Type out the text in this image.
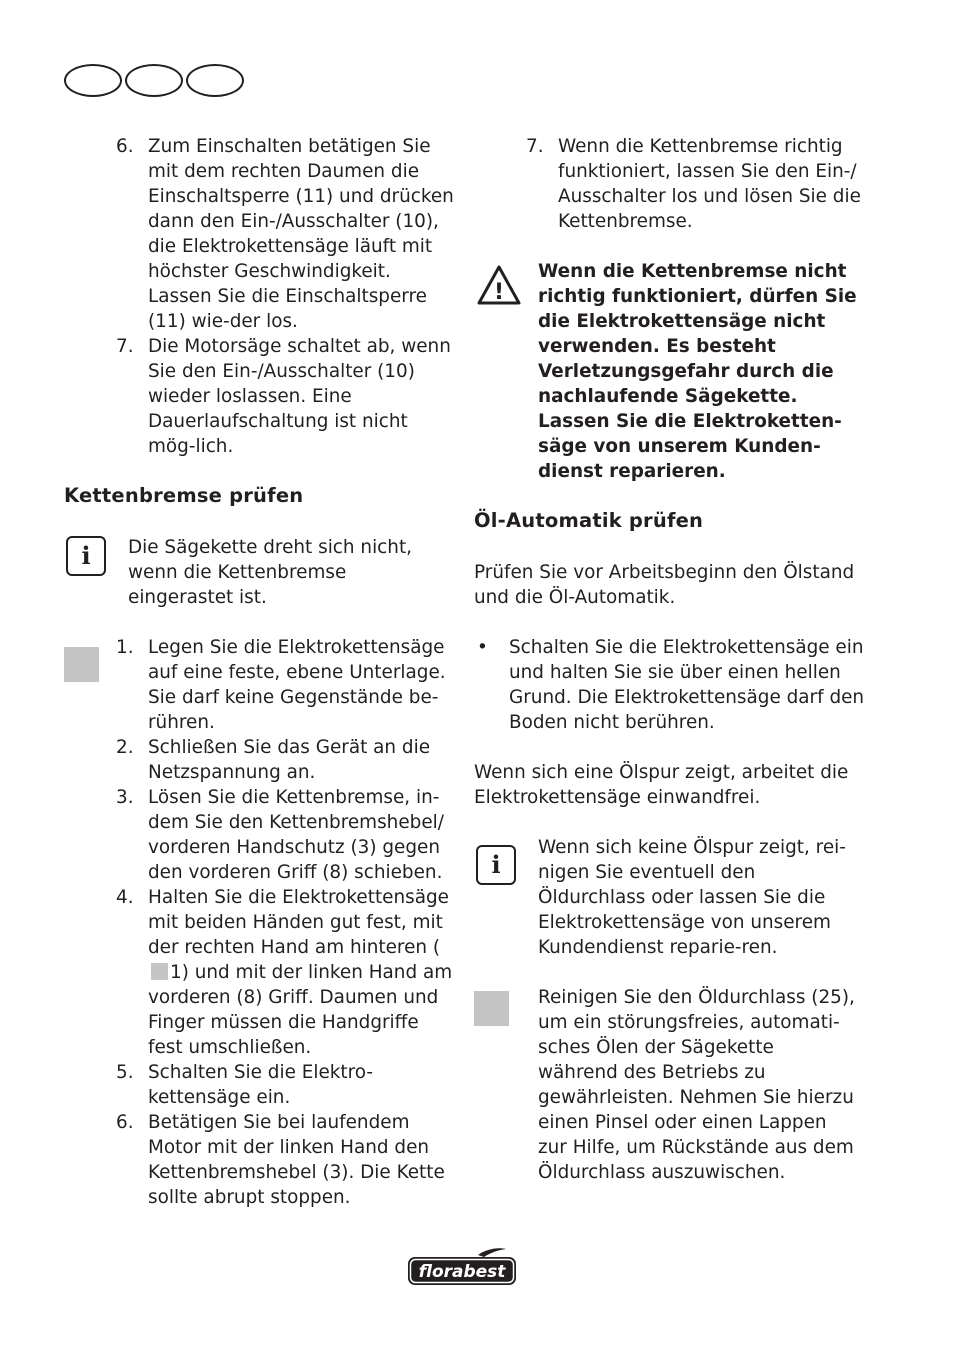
6. Zum Einschalten betätigen Sie mit dem rechten Daumen die Einschaltsperre (11) und drücken dann den Ein-/Ausschalter (10), die Elektrokettensäge läuft mit höchster Geschwindigkeit. Lassen Sie die Einschaltsperre (11) wie-der los.
7. Die Motorsäge schaltet ab, wenn Sie den Ein-/Ausschalter (10) wieder loslassen. Eine Dauerlaufschaltung ist nicht mög-lich.
Kettenbremse prüfen
i Die Sägekette dreht sich nicht, wenn die Kettenbremse eingerastet ist.
1. Legen Sie die Elektrokettensäge auf eine feste, ebene Unterlage. Sie darf keine Gegenstände be-rühren.
2. Schließen Sie das Gerät an die Netzspannung an.
3. Lösen Sie die Kettenbremse, in-dem Sie den Kettenbremshebel/ vorderen Handschutz (3) gegen den vorderen Griff (8) schieben.
4. Halten Sie die Elektrokettensäge mit beiden Händen gut fest, mit der rechten Hand am hinteren (1) und mit der linken Hand am vorderen (8) Griff. Daumen und Finger müssen die Handgriffe fest umschließen.
5. Schalten Sie die Elektro-kettensäge ein.
6. Betätigen Sie bei laufendem Motor mit der linken Hand den Kettenbremshebel (3). Die Kette sollte abrupt stoppen.
7. Wenn die Kettenbremse richtig funktioniert, lassen Sie den Ein-/ Ausschalter los und lösen Sie die Kettenbremse.
!
Wenn die Kettenbremse nicht richtig funktioniert, dürfen Sie die Elektrokettensäge nicht verwenden. Es besteht Verletzungsgefahr durch die nachlaufende Sägekette. Lassen Sie die Elektroketten-säge von unserem Kunden-dienst reparieren.
Öl-Automatik prüfen
Prüfen Sie vor Arbeitsbeginn den Ölstand und die Öl-Automatik.
• Schalten Sie die Elektrokettensäge ein und halten Sie sie über einen hellen Grund. Die Elektrokettensäge darf den Boden nicht berühren.
Wenn sich eine Ölspur zeigt, arbeitet die Elektrokettensäge einwandfrei.
i
Wenn sich keine Ölspur zeigt, rei-nigen Sie eventuell den Öldurchlass oder lassen Sie die Elektrokettensäge von unserem Kundendienst reparie-ren.
Reinigen Sie den Öldurchlass (25), um ein störungsfreies, automati-sches Ölen der Sägekette während des Betriebs zu gewährleisten. Nehmen Sie hierzu einen Pinsel oder einen Lappen zur Hilfe, um Rückstände aus dem Öldurchlass auszuwischen.
florabest
